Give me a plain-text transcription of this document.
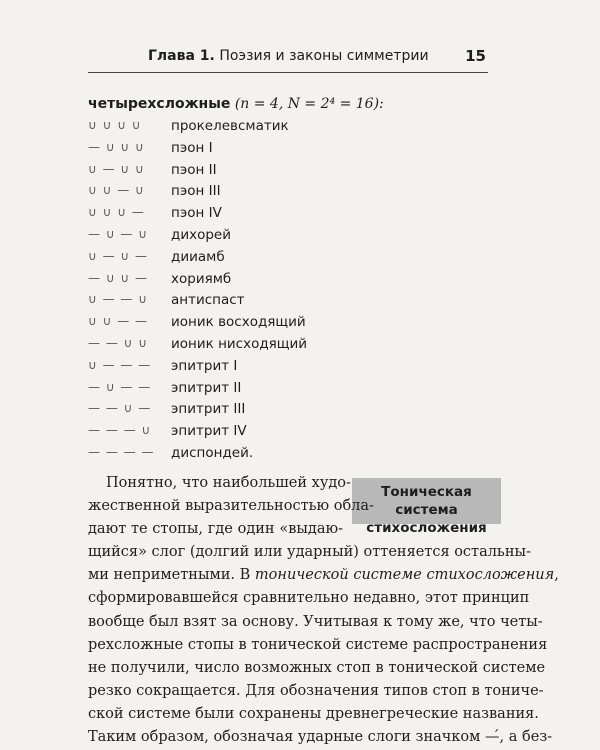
Глава 1. Поэзия и законы симметрии 15
четырехсложные (n = 4, N = 2⁴ = 16):
∪ ∪ ∪ ∪ прокелевсматик
— ∪ ∪ ∪ пэон I
∪ — ∪ ∪ пэон II
∪ ∪ — ∪ пэон III
∪ ∪ ∪ — пэон IV
— ∪ — ∪ дихорей
∪ — ∪ — дииамб
— ∪ ∪ — хориямб
∪ — — ∪ антиспаст
∪ ∪ — — ионик восходящий
— — ∪ ∪ ионик нисходящий
∪ — — — эпитрит I
— ∪ — — эпитрит II
— — ∪ — эпитрит III
— — — ∪ эпитрит IV
— — — — диспондей.
Тоническая система
стихосложения
Понятно, что наибольшей худо-
жественной выразительностью обла-
дают те стопы, где один «выдаю-
щийся» слог (долгий или ударный) оттеняется остальны-
ми неприметными. В тонической системе стихосложения,
сформировавшейся сравнительно недавно, этот принцип
вообще был взят за основу. Учитывая к тому же, что четы-
рехсложные стопы в тонической системе распространения
не получили, число возможных стоп в тонической системе
резко сокращается. Для обозначения типов стоп в тониче-
ской системе были сохранены древнегреческие названия.
Таким образом, обозначая ударные слоги значком —́, а без-
